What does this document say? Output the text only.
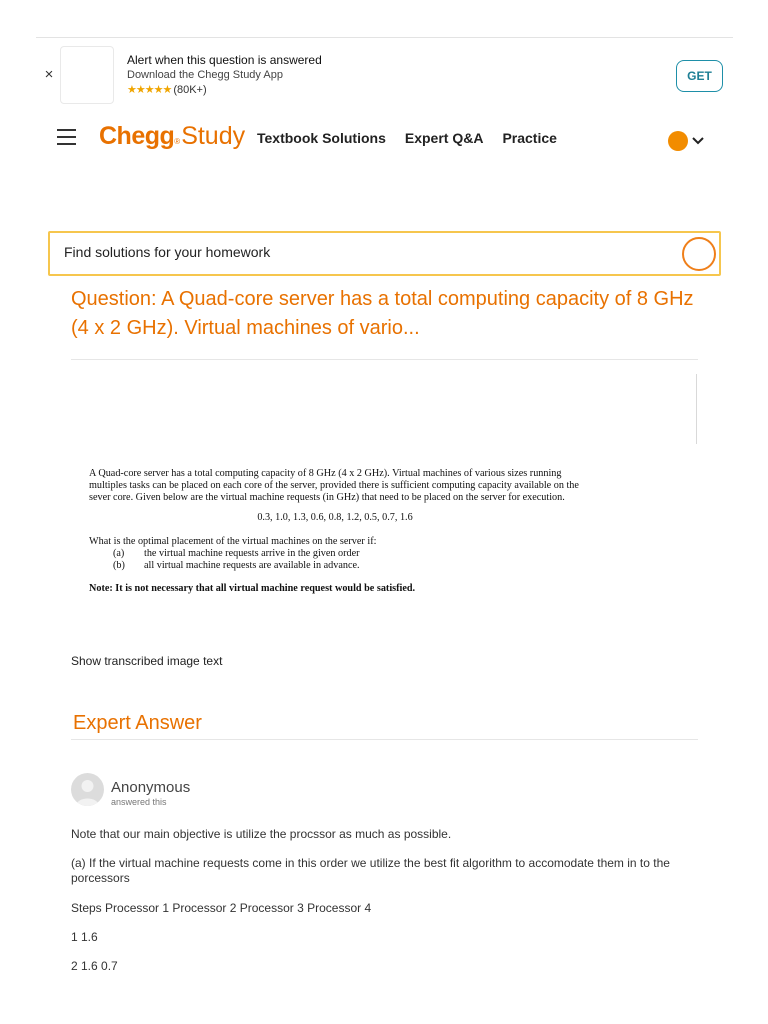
×
Alert when this question is answered
Download the Chegg Study App
★★★★★ (80K+)
GET
Chegg ® Study Textbook Solutions Expert Q&A Practice
Find solutions for your homework
Question: A Quad-core server has a total computing capacity of 8 GHz (4 x 2 GHz). Virtual machines of vario...
A Quad-core server has a total computing capacity of 8 GHz (4 x 2 GHz). Virtual machines of various sizes running multiples tasks can be placed on each core of the server, provided there is sufficient computing capacity available on the sever core. Given below are the virtual machine requests (in GHz) that need to be placed on the server for execution.
0.3, 1.0, 1.3, 0.6, 0.8, 1.2, 0.5, 0.7, 1.6
What is the optimal placement of the virtual machines on the server if:
(a)	the virtual machine requests arrive in the given order
(b)	all virtual machine requests are available in advance.
Note: It is not necessary that all virtual machine request would be satisfied.
Show transcribed image text
Expert Answer
Anonymous
answered this
Note that our main objective is utilize the procssor as much as possible.
(a) If the virtual machine requests come in this order we utilize the best fit algorithm to accomodate them in to the porcessors
Steps Processor 1 Processor 2 Processor 3 Processor 4
1 1.6
2 1.6 0.7
